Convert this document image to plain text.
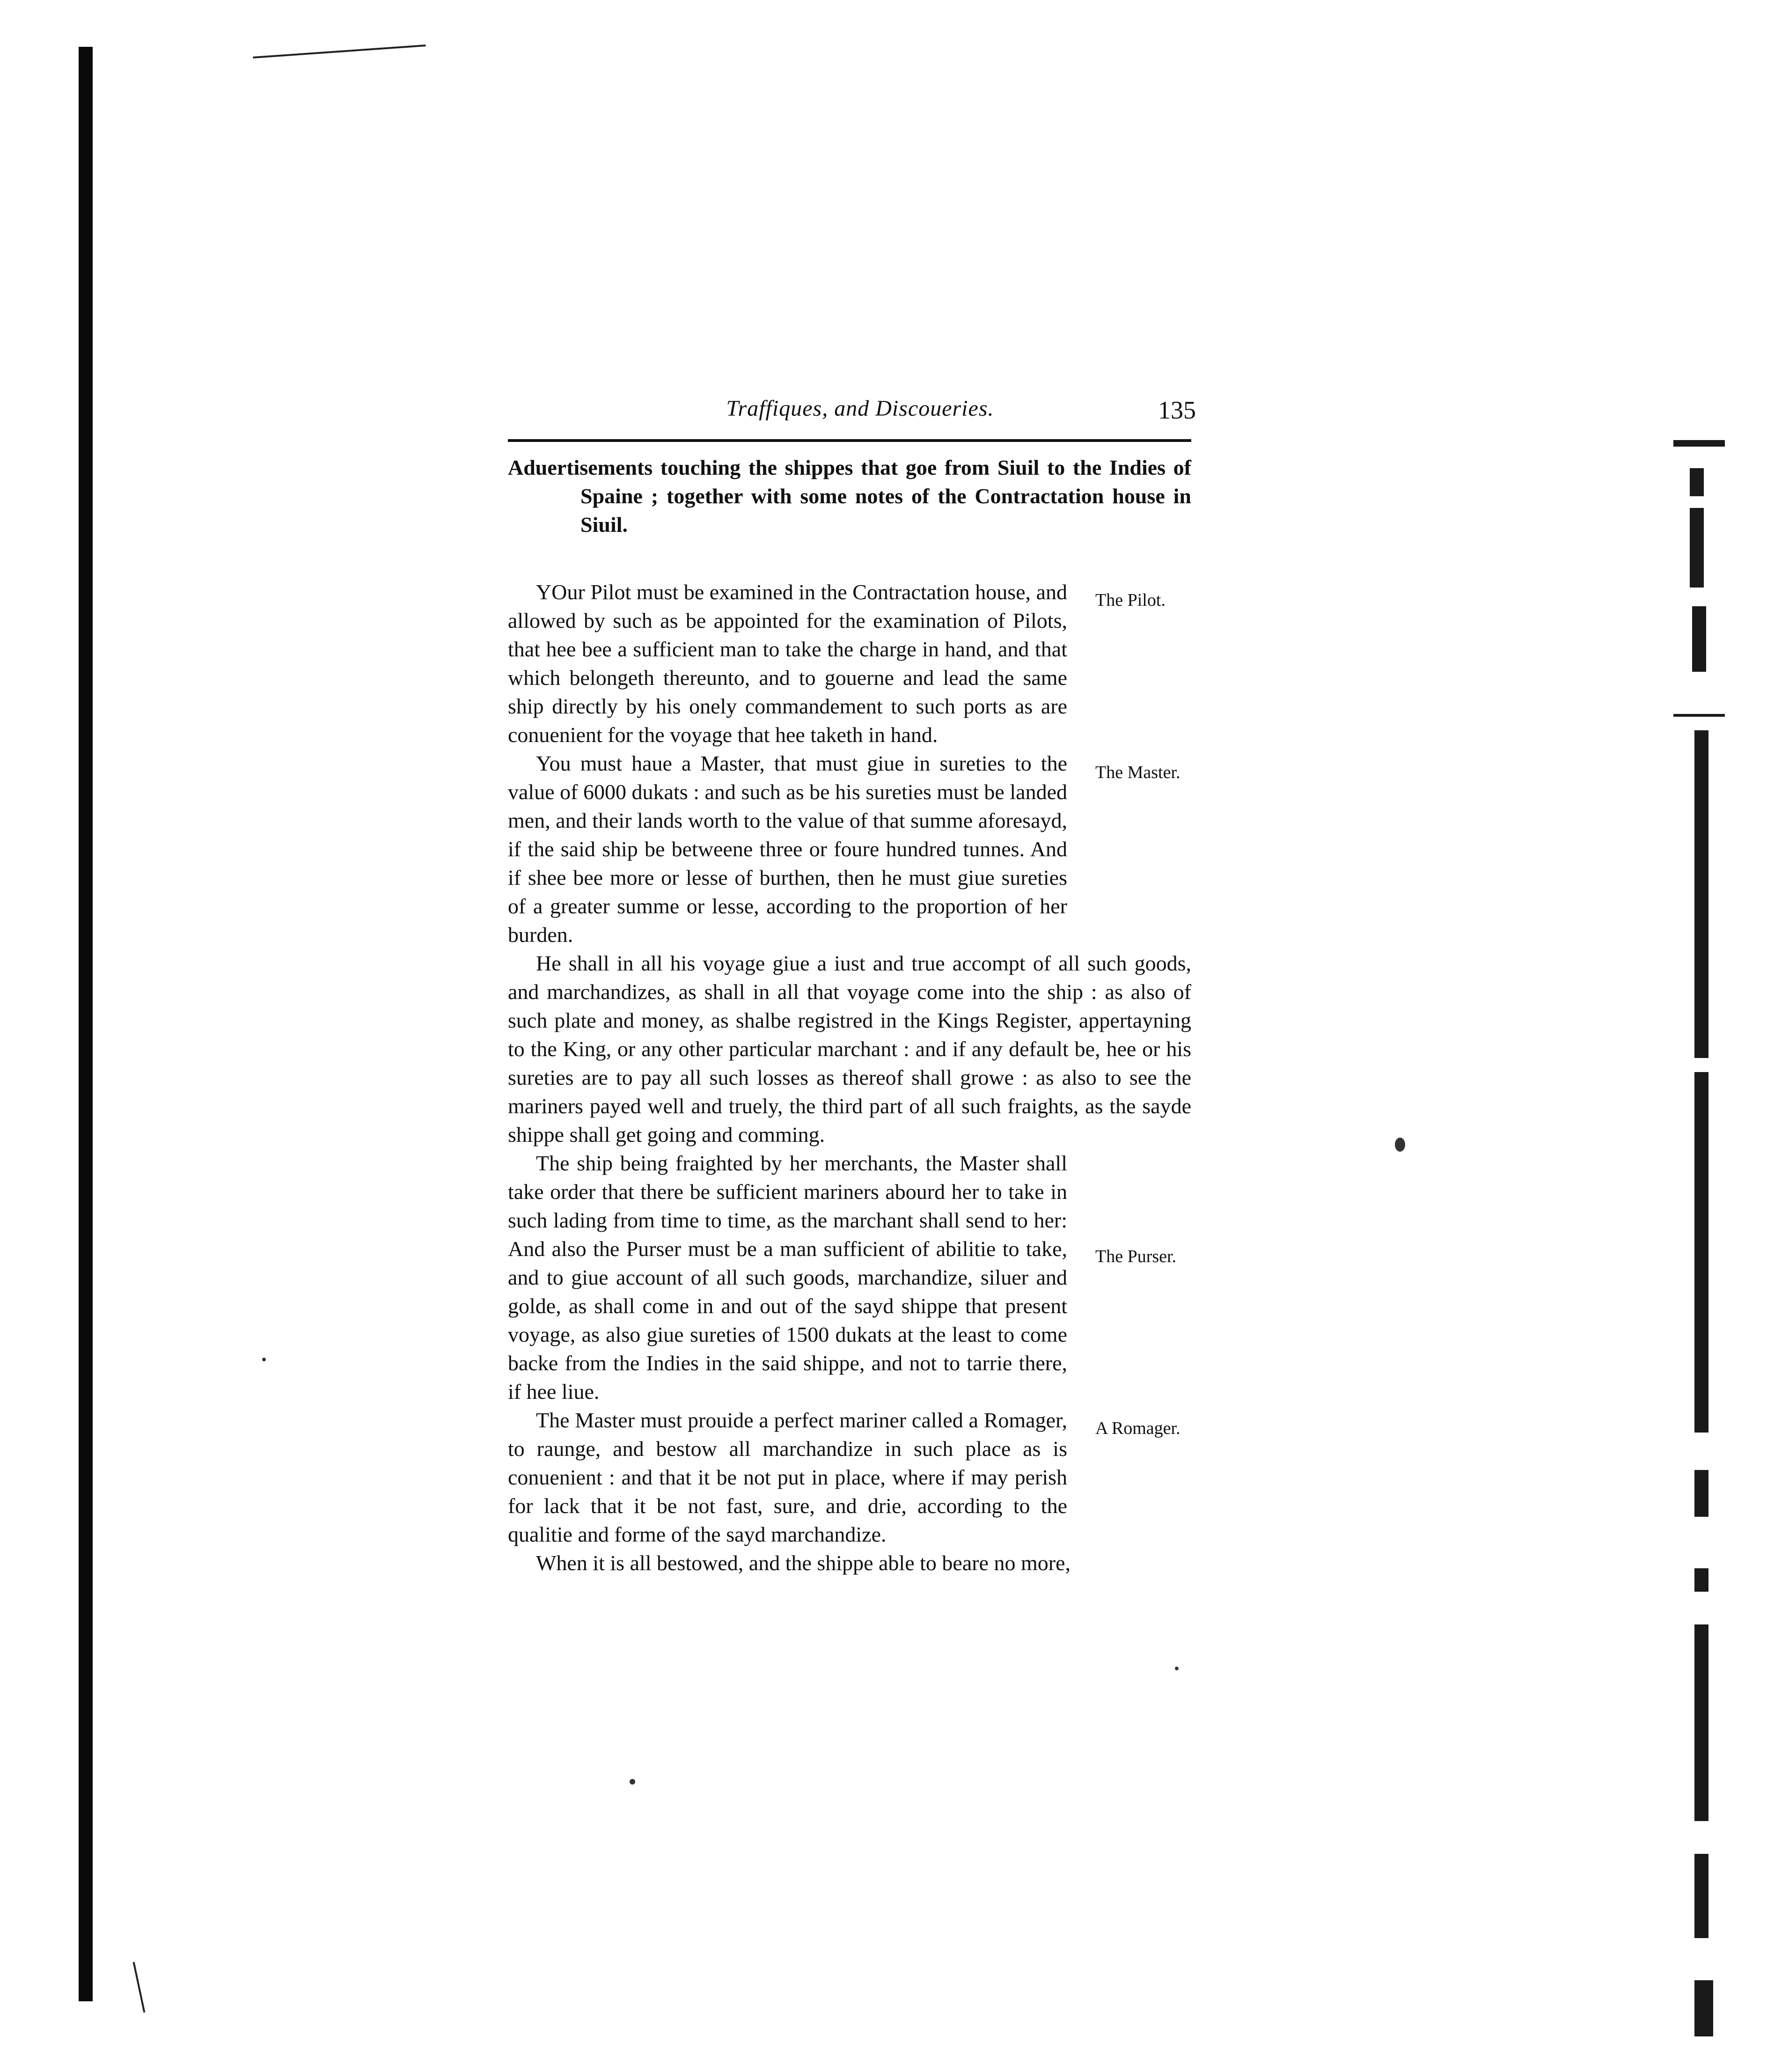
Traffiques, and Discoueries.	135

Aduertisements touching the shippes that goe from Siuil to the Indies of Spaine ; together with some notes of the Contractation house in Siuil.

YOur Pilot must be examined in the Contractation house, and allowed by such as be appointed for the examination of Pilots, that hee bee a sufficient man to take the charge in hand, and that which belongeth thereunto, and to gouerne and lead the same ship directly by his onely commandement to such ports as are conuenient for the voyage that hee taketh in hand.

The Pilot.

You must haue a Master, that must giue in sureties to the value of 6000 dukats : and such as be his sureties must be landed men, and their lands worth to the value of that summe aforesayd, if the said ship be betweene three or foure hundred tunnes. And if shee bee more or lesse of burthen, then he must giue sureties of a greater summe or lesse, according to the proportion of her burden.

The Master.

He shall in all his voyage giue a iust and true accompt of all such goods, and marchandizes, as shall in all that voyage come into the ship : as also of such plate and money, as shalbe registred in the Kings Register, appertayning to the King, or any other particular marchant : and if any default be, hee or his sureties are to pay all such losses as thereof shall growe : as also to see the mariners payed well and truely, the third part of all such fraights, as the sayde shippe shall get going and comming.

The ship being fraighted by her merchants, the Master shall take order that there be sufficient mariners abourd her to take in such lading from time to time, as the marchant shall send to her: And also the Purser must be a man sufficient of abilitie to take, and to giue account of all such goods, marchandize, siluer and golde, as shall come in and out of the sayd shippe that present voyage, as also giue sureties of 1500 dukats at the least to come backe from the Indies in the said shippe, and not to tarrie there, if hee liue.

The Purser.

The Master must prouide a perfect mariner called a Romager, to raunge, and bestow all marchandize in such place as is conuenient : and that it be not put in place, where if may perish for lack that it be not fast, sure, and drie, according to the qualitie and forme of the sayd marchandize.

A Romager.

When it is all bestowed, and the shippe able to beare no more,
